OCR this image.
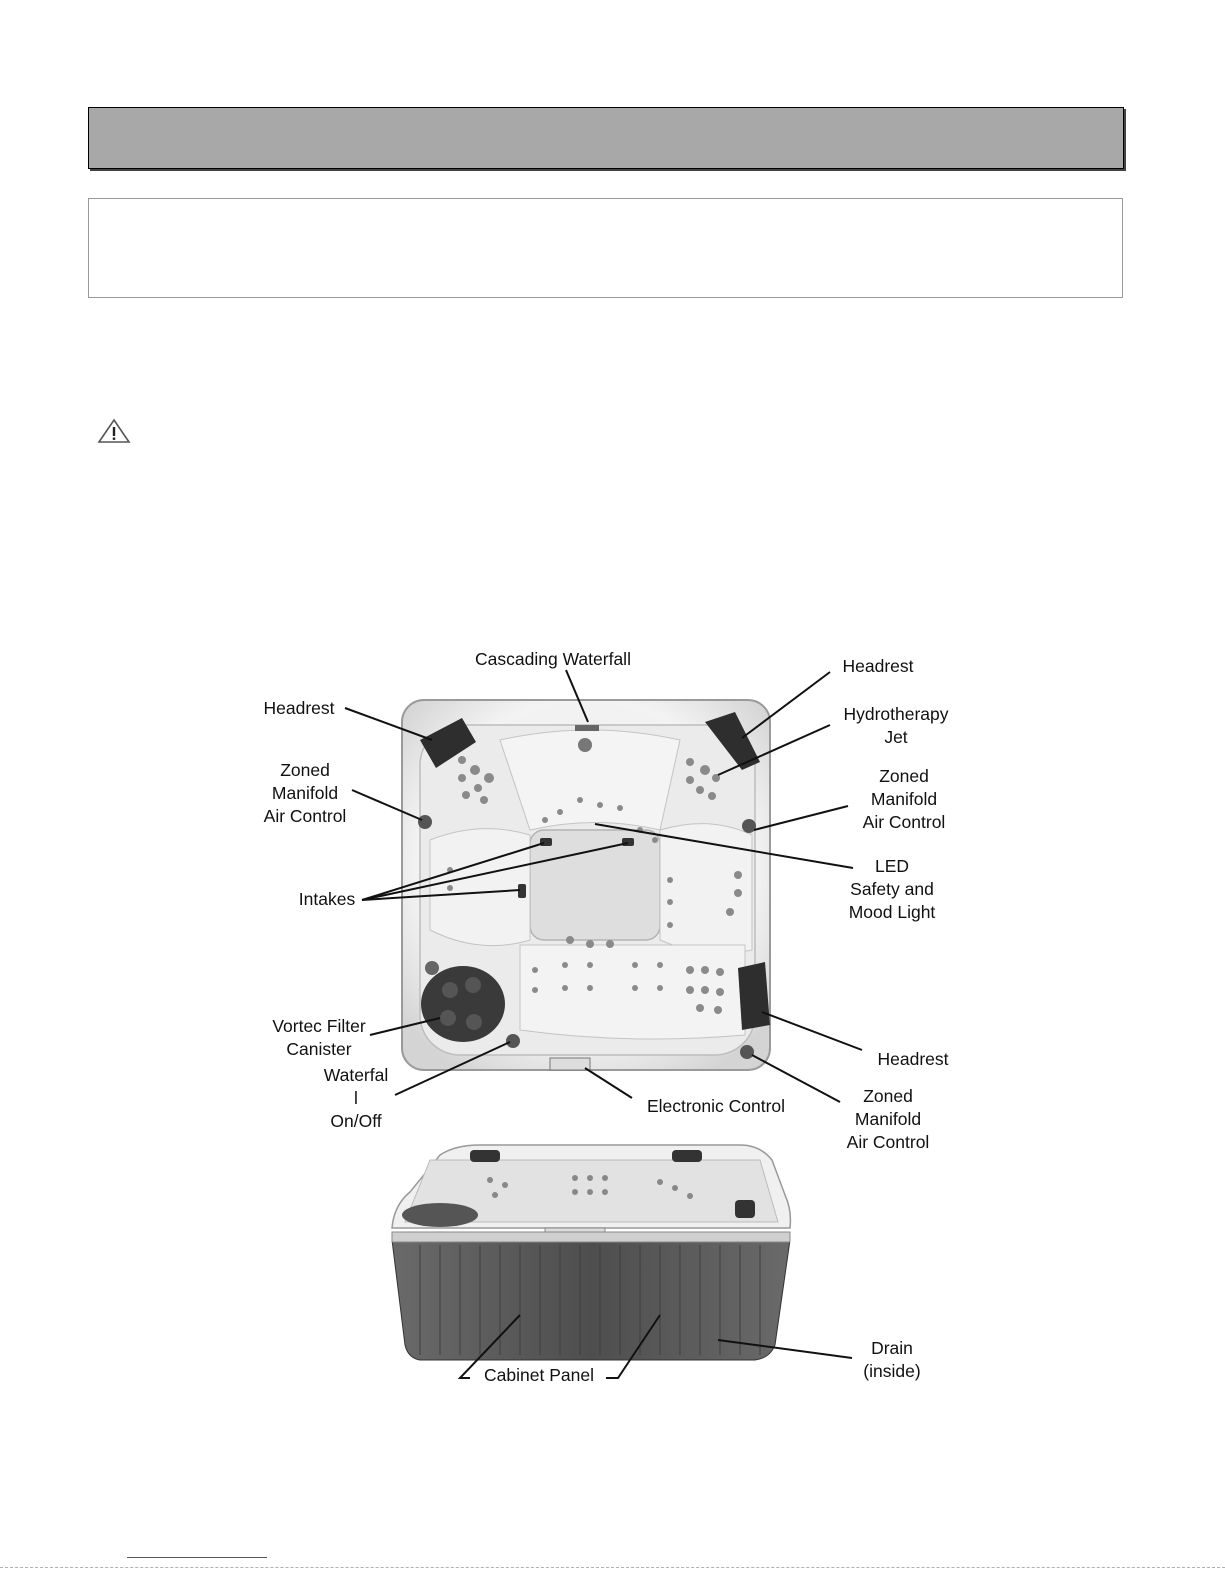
Cascading Waterfall	Headrest
Headrest	Hydrotherapy
Jet
Zoned
Manifold
Air Control
Zoned
Manifold
Air Control
Intakes
LED
Safety and
Mood Light
Vortec Filter
Canister	Headrest
Waterfal
l
On/Off
Electronic Control	Zoned
Manifold
Air Control
Cabinet Panel
Drain
(inside)
